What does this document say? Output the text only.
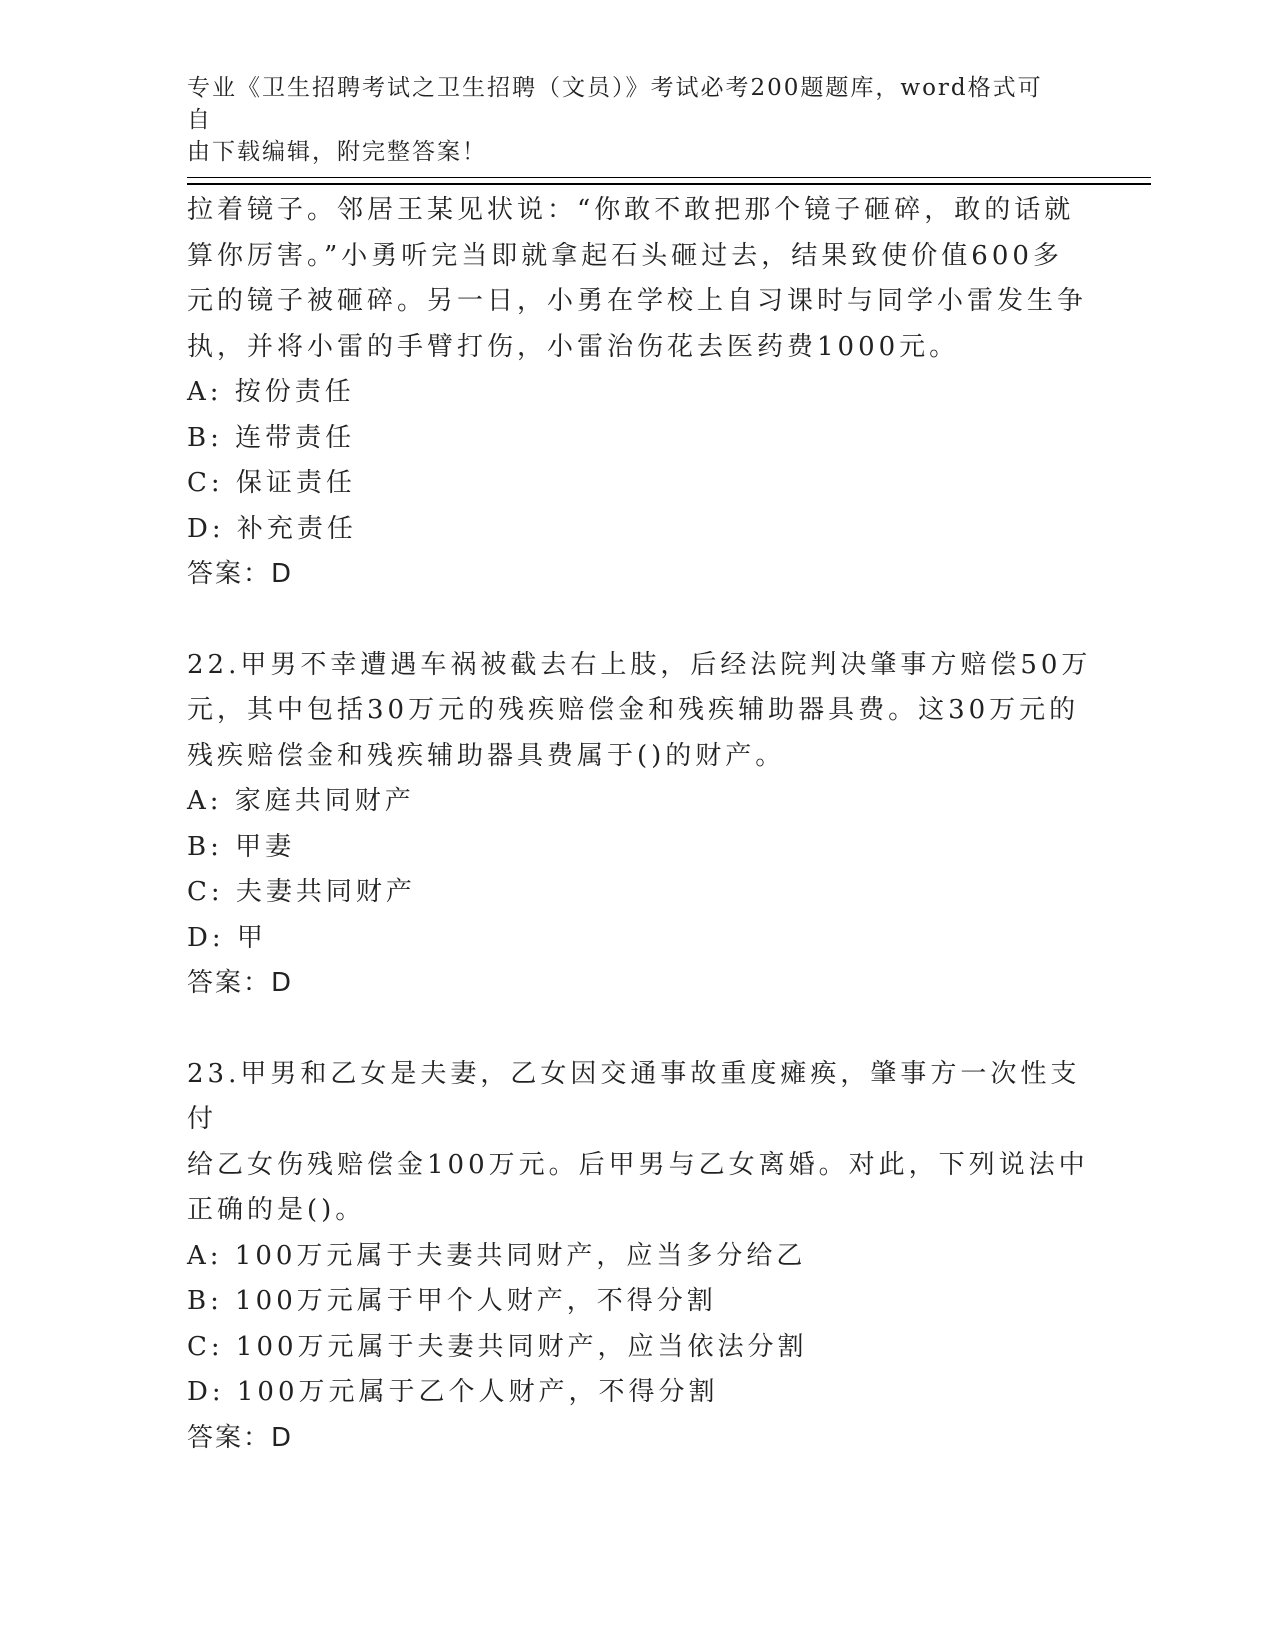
专业《卫生招聘考试之卫生招聘（文员）》考试必考200题题库，word格式可自
由下载编辑，附完整答案！

拉着镜子。邻居王某见状说：“你敢不敢把那个镜子砸碎，敢的话就

算你厉害。”小勇听完当即就拿起石头砸过去，结果致使价值600多

元的镜子被砸碎。另一日，小勇在学校上自习课时与同学小雷发生争

执，并将小雷的手臂打伤，小雷治伤花去医药费1000元。

A: 按份责任

B: 连带责任

C: 保证责任

D: 补充责任

答案：D

22.甲男不幸遭遇车祸被截去右上肢，后经法院判决肇事方赔偿50万

元，其中包括30万元的残疾赔偿金和残疾辅助器具费。这30万元的

残疾赔偿金和残疾辅助器具费属于()的财产。

A: 家庭共同财产

B: 甲妻

C: 夫妻共同财产

D: 甲

答案：D

23.甲男和乙女是夫妻，乙女因交通事故重度瘫痪，肇事方一次性支付

给乙女伤残赔偿金100万元。后甲男与乙女离婚。对此，下列说法中

正确的是()。

A: 100万元属于夫妻共同财产，应当多分给乙

B: 100万元属于甲个人财产，不得分割

C: 100万元属于夫妻共同财产，应当依法分割

D: 100万元属于乙个人财产，不得分割

答案：D
